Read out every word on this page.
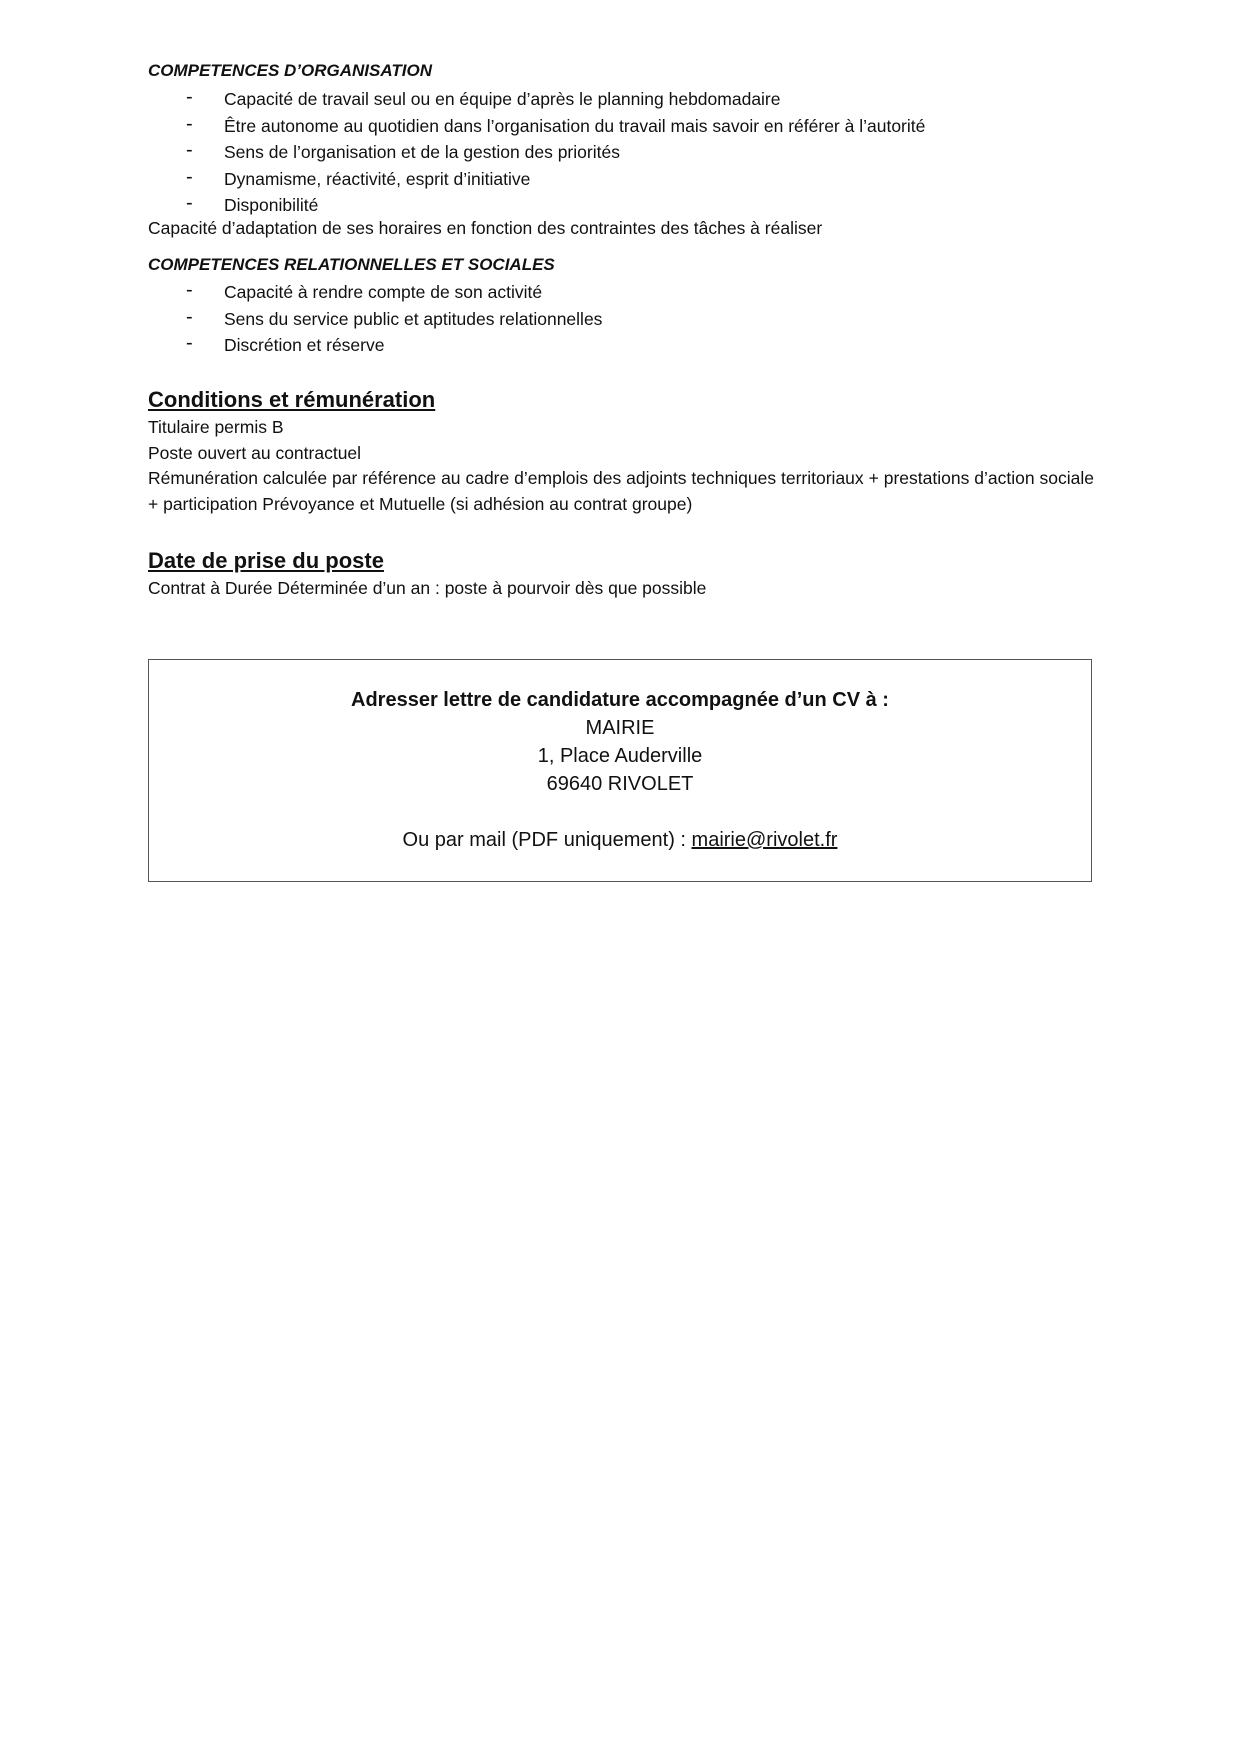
COMPETENCES D’ORGANISATION

- Capacité de travail seul ou en équipe d’après le planning hebdomadaire
- Être autonome au quotidien dans l’organisation du travail mais savoir en référer à l’autorité
- Sens de l’organisation et de la gestion des priorités
- Dynamisme, réactivité, esprit d’initiative
- Disponibilité

Capacité d’adaptation de ses horaires en fonction des contraintes des tâches à réaliser

COMPETENCES RELATIONNELLES ET SOCIALES

- Capacité à rendre compte de son activité
- Sens du service public et aptitudes relationnelles
- Discrétion et réserve
Conditions et rémunération

Titulaire permis B

Poste ouvert au contractuel

Rémunération calculée par référence au cadre d’emplois des adjoints techniques territoriaux + prestations d’action sociale + participation Prévoyance et Mutuelle (si adhésion au contrat groupe)

Date de prise du poste

Contrat à Durée Déterminée d’un an : poste à pourvoir dès que possible

Adresser lettre de candidature accompagnée d’un CV à :
MAIRIE
1, Place Auderville
69640 RIVOLET
Ou par mail (PDF uniquement) : mairie@rivolet.fr
